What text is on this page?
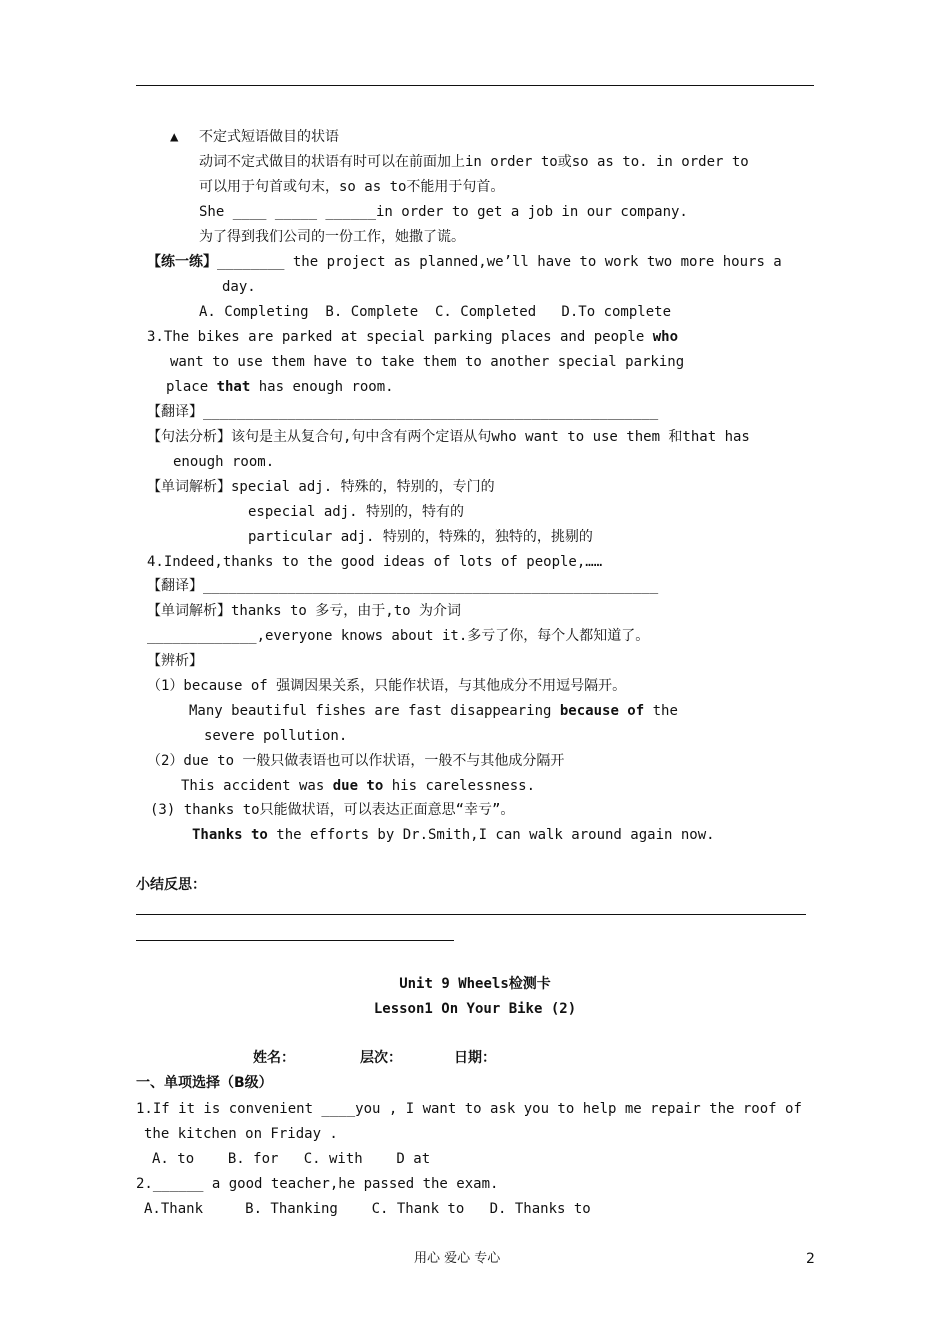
▲ 不定式短语做目的状语
动词不定式做目的状语有时可以在前面加上in order to或so as to. in order to
可以用于句首或句末，so as to不能用于句首。
She ____ _____ ______in order to get a job in our company.
为了得到我们公司的一份工作，她撒了谎。
【练一练】________ the project as planned,we’ll have to work two more hours a
day.
A. Completing  B. Complete  C. Completed   D.To complete
3.The bikes are parked at special parking places and people who
want to use them have to take them to another special parking
place that has enough room.
【翻译】______________________________________________________
【句法分析】该句是主从复合句,句中含有两个定语从句who want to use them 和that has
enough room.
【单词解析】special adj. 特殊的，特别的，专门的
especial adj. 特别的，特有的
particular adj. 特别的，特殊的，独特的，挑剔的
4.Indeed,thanks to the good ideas of lots of people,……
【翻译】______________________________________________________
【单词解析】thanks to 多亏，由于,to 为介词
_____________,everyone knows about it.多亏了你，每个人都知道了。
【辨析】
（1）because of 强调因果关系，只能作状语，与其他成分不用逗号隔开。
Many beautiful fishes are fast disappearing because of the
severe pollution.
（2）due to 一般只做表语也可以作状语，一般不与其他成分隔开
This accident was due to his carelessness.
(3) thanks to只能做状语，可以表达正面意思“幸亏”。
Thanks to the efforts by Dr.Smith,I can walk around again now.
小结反思：
Unit 9 Wheels检测卡
Lesson1 On Your Bike (2)
姓名：	层次：	日期：
一、单项选择（B级）
1.If it is convenient ____you , I want to ask you to help me repair the roof of
the kitchen on Friday .
A. to    B. for   C. with    D at
2.______ a good teacher,he passed the exam.
A.Thank     B. Thanking    C. Thank to   D. Thanks to
用心 爱心 专心	2
